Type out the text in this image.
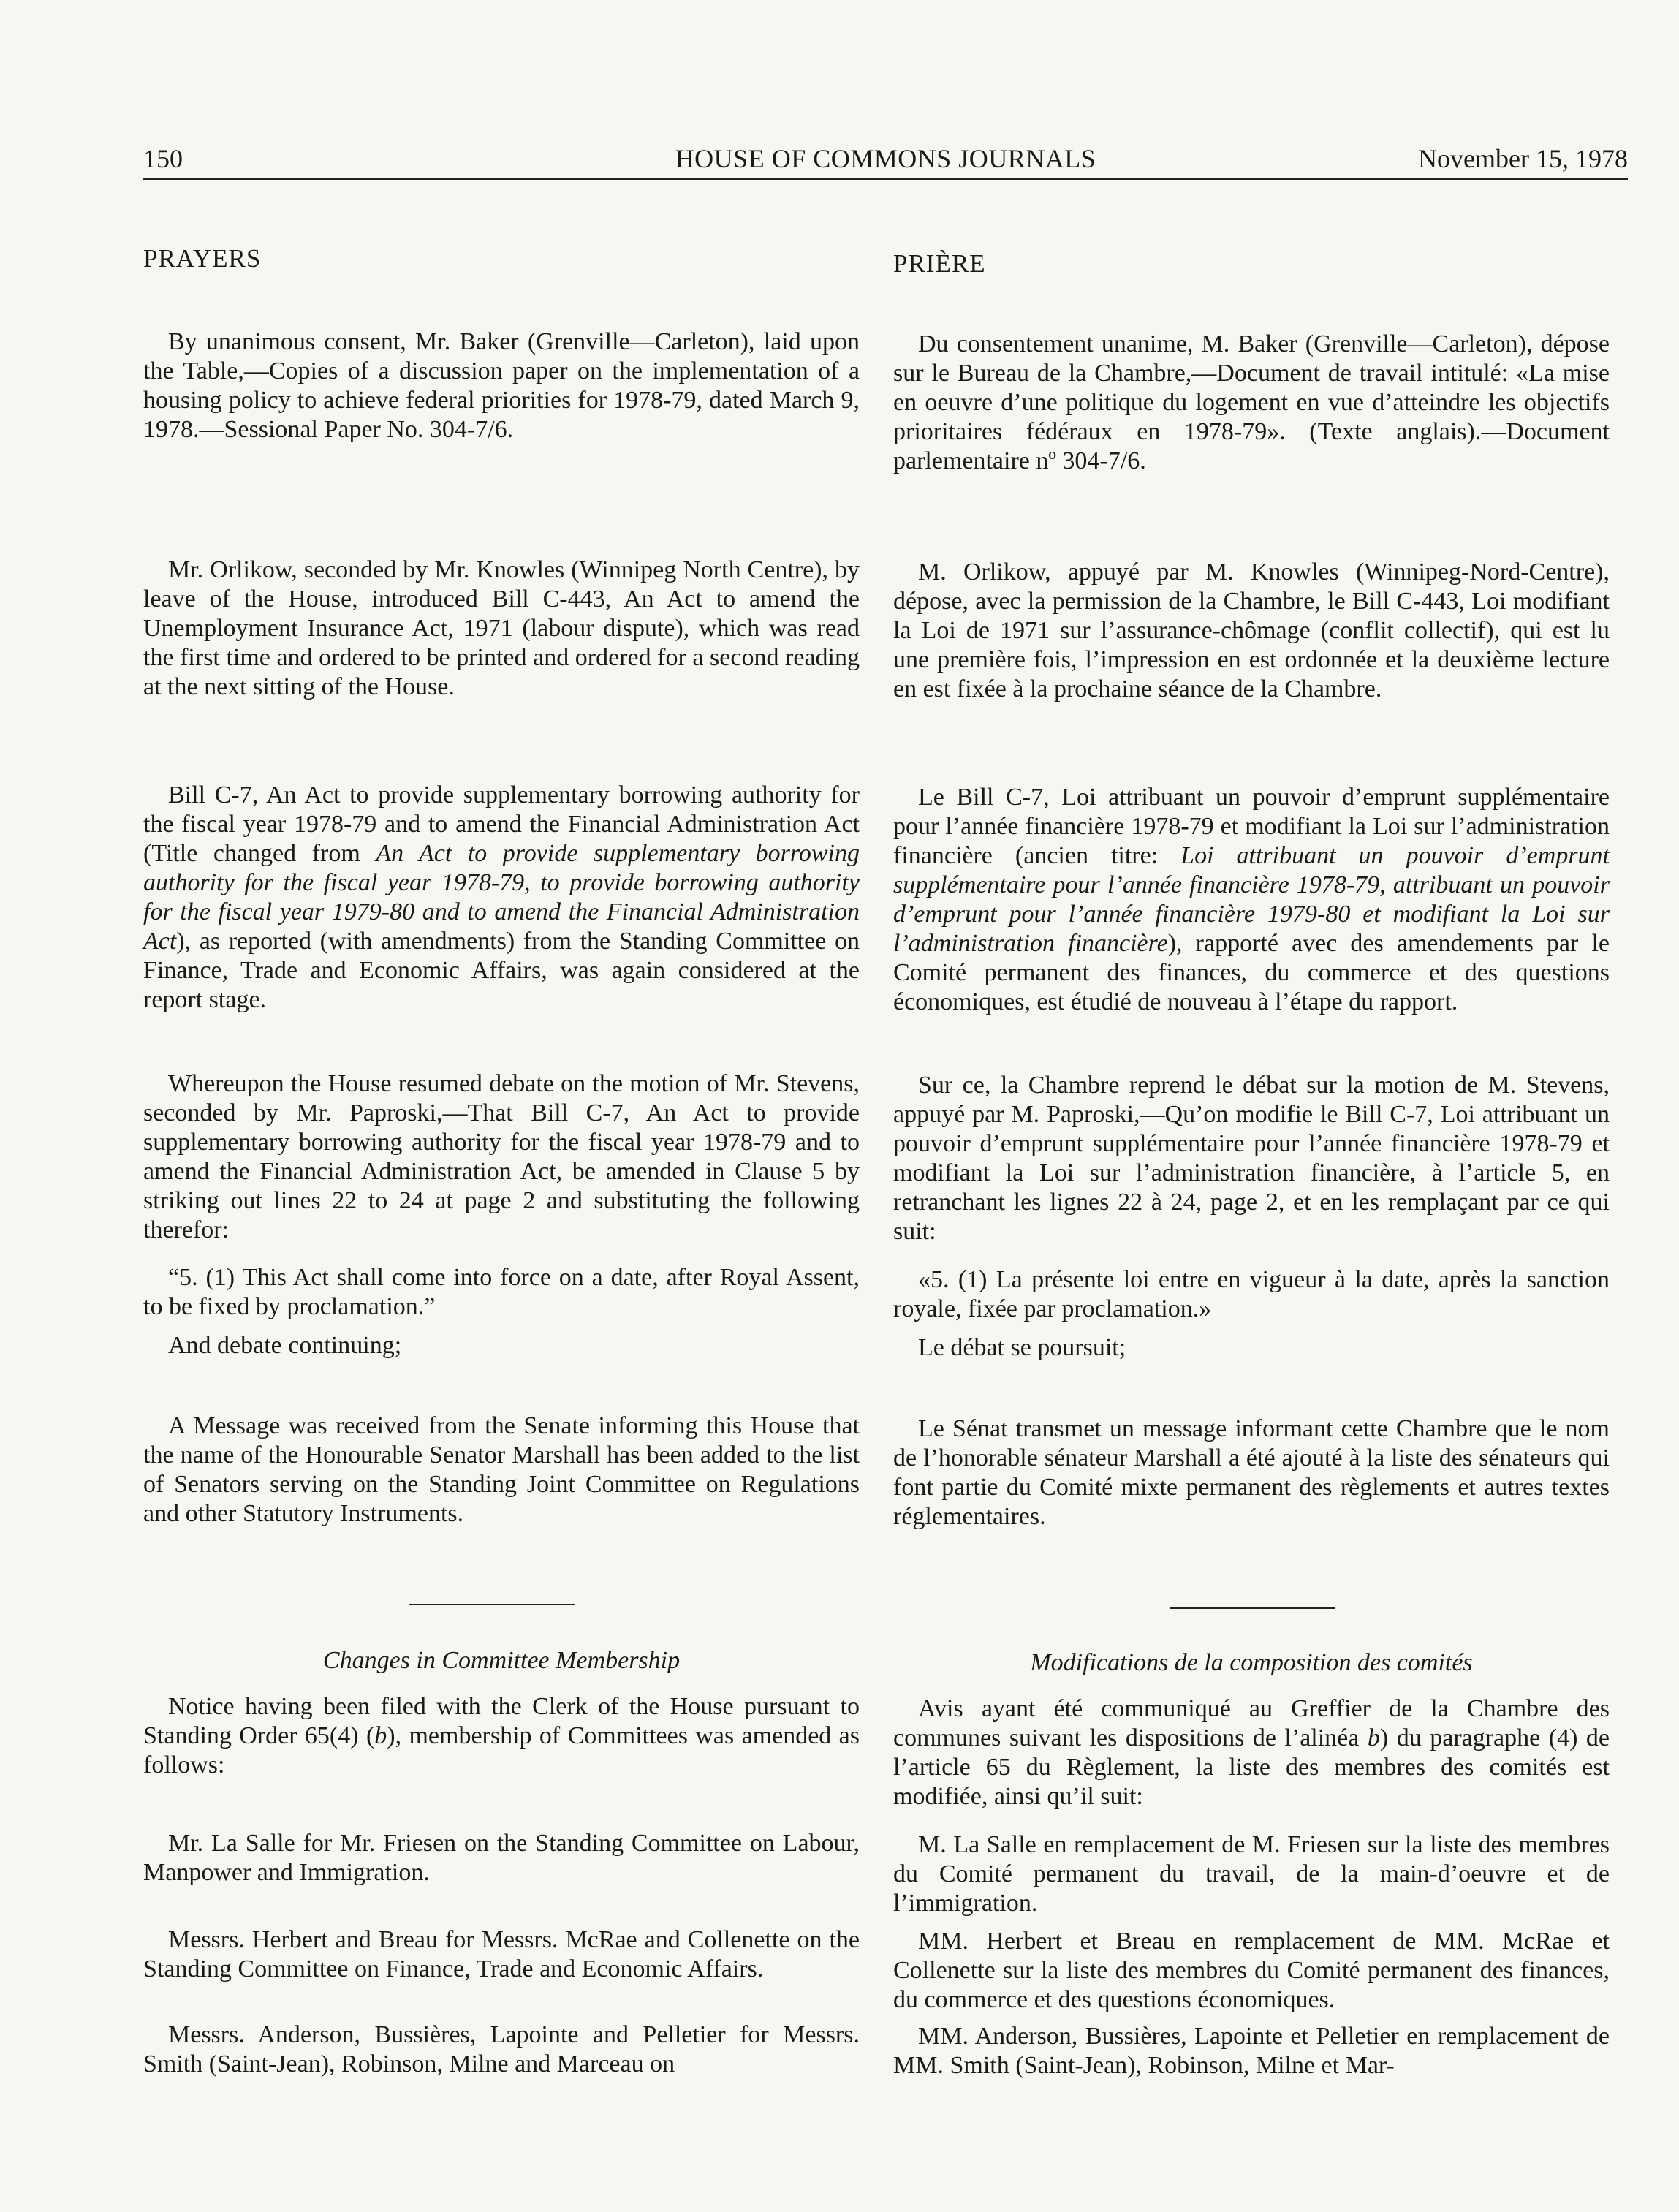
150	HOUSE OF COMMONS JOURNALS	November 15, 1978
PRAYERS

By unanimous consent, Mr. Baker (Grenville—Carleton), laid upon the Table,—Copies of a discussion paper on the implementation of a housing policy to achieve federal priorities for 1978-79, dated March 9, 1978.—Sessional Paper No. 304-7/6.

Mr. Orlikow, seconded by Mr. Knowles (Winnipeg North Centre), by leave of the House, introduced Bill C-443, An Act to amend the Unemployment Insurance Act, 1971 (labour dispute), which was read the first time and ordered to be printed and ordered for a second reading at the next sitting of the House.

Bill C-7, An Act to provide supplementary borrowing authority for the fiscal year 1978-79 and to amend the Financial Administration Act (Title changed from An Act to provide supplementary borrowing authority for the fiscal year 1978-79, to provide borrowing authority for the fiscal year 1979-80 and to amend the Financial Administration Act), as reported (with amendments) from the Standing Committee on Finance, Trade and Economic Affairs, was again considered at the report stage.

Whereupon the House resumed debate on the motion of Mr. Stevens, seconded by Mr. Paproski,—That Bill C-7, An Act to provide supplementary borrowing authority for the fiscal year 1978-79 and to amend the Financial Administration Act, be amended in Clause 5 by striking out lines 22 to 24 at page 2 and substituting the following therefor:

“5. (1) This Act shall come into force on a date, after Royal Assent, to be fixed by proclamation.”

And debate continuing;

A Message was received from the Senate informing this House that the name of the Honourable Senator Marshall has been added to the list of Senators serving on the Standing Joint Committee on Regulations and other Statutory Instruments.

Changes in Committee Membership

Notice having been filed with the Clerk of the House pursuant to Standing Order 65(4) (b), membership of Committees was amended as follows:

Mr. La Salle for Mr. Friesen on the Standing Committee on Labour, Manpower and Immigration.

Messrs. Herbert and Breau for Messrs. McRae and Collenette on the Standing Committee on Finance, Trade and Economic Affairs.

Messrs. Anderson, Bussières, Lapointe and Pelletier for Messrs. Smith (Saint-Jean), Robinson, Milne and Marceau on

PRIÈRE

Du consentement unanime, M. Baker (Grenville—Carleton), dépose sur le Bureau de la Chambre,—Document de travail intitulé: «La mise en oeuvre d’une politique du logement en vue d’atteindre les objectifs prioritaires fédéraux en 1978-79». (Texte anglais).—Document parlementaire nº 304-7/6.

M. Orlikow, appuyé par M. Knowles (Winnipeg-Nord-Centre), dépose, avec la permission de la Chambre, le Bill C-443, Loi modifiant la Loi de 1971 sur l’assurance-chômage (conflit collectif), qui est lu une première fois, l’impression en est ordonnée et la deuxième lecture en est fixée à la prochaine séance de la Chambre.

Le Bill C-7, Loi attribuant un pouvoir d’emprunt supplémentaire pour l’année financière 1978-79 et modifiant la Loi sur l’administration financière (ancien titre: Loi attribuant un pouvoir d’emprunt supplémentaire pour l’année financière 1978-79, attribuant un pouvoir d’emprunt pour l’année financière 1979-80 et modifiant la Loi sur l’administration financière), rapporté avec des amendements par le Comité permanent des finances, du commerce et des questions économiques, est étudié de nouveau à l’étape du rapport.

Sur ce, la Chambre reprend le débat sur la motion de M. Stevens, appuyé par M. Paproski,—Qu’on modifie le Bill C-7, Loi attribuant un pouvoir d’emprunt supplémentaire pour l’année financière 1978-79 et modifiant la Loi sur l’administration financière, à l’article 5, en retranchant les lignes 22 à 24, page 2, et en les remplaçant par ce qui suit:

«5. (1) La présente loi entre en vigueur à la date, après la sanction royale, fixée par proclamation.»

Le débat se poursuit;

Le Sénat transmet un message informant cette Chambre que le nom de l’honorable sénateur Marshall a été ajouté à la liste des sénateurs qui font partie du Comité mixte permanent des règlements et autres textes réglementaires.

Modifications de la composition des comités

Avis ayant été communiqué au Greffier de la Chambre des communes suivant les dispositions de l’alinéa b) du paragraphe (4) de l’article 65 du Règlement, la liste des membres des comités est modifiée, ainsi qu’il suit:

M. La Salle en remplacement de M. Friesen sur la liste des membres du Comité permanent du travail, de la main-d’oeuvre et de l’immigration.

MM. Herbert et Breau en remplacement de MM. McRae et Collenette sur la liste des membres du Comité permanent des finances, du commerce et des questions économiques.

MM. Anderson, Bussières, Lapointe et Pelletier en remplacement de MM. Smith (Saint-Jean), Robinson, Milne et Mar-
